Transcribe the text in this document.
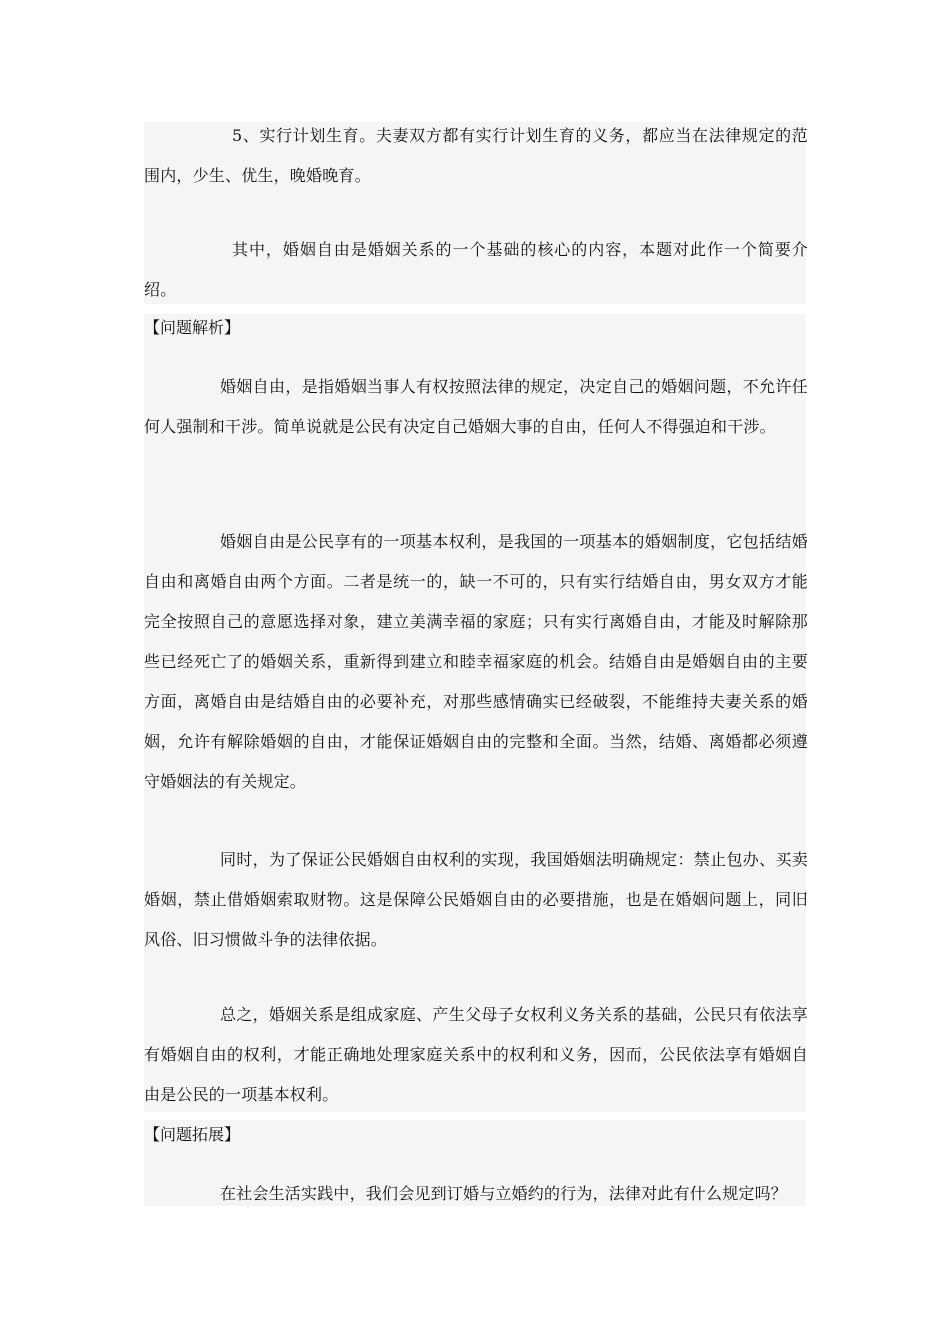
5、实行计划生育。夫妻双方都有实行计划生育的义务，都应当在法律规定的范围内，少生、优生，晚婚晚育。

其中，婚姻自由是婚姻关系的一个基础的核心的内容，本题对此作一个简要介绍。

【问题解析】

婚姻自由，是指婚姻当事人有权按照法律的规定，决定自己的婚姻问题，不允许任何人强制和干涉。简单说就是公民有决定自己婚姻大事的自由，任何人不得强迫和干涉。

婚姻自由是公民享有的一项基本权利，是我国的一项基本的婚姻制度，它包括结婚自由和离婚自由两个方面。二者是统一的，缺一不可的，只有实行结婚自由，男女双方才能完全按照自己的意愿选择对象，建立美满幸福的家庭；只有实行离婚自由，才能及时解除那些已经死亡了的婚姻关系，重新得到建立和睦幸福家庭的机会。结婚自由是婚姻自由的主要方面，离婚自由是结婚自由的必要补充，对那些感情确实已经破裂，不能维持夫妻关系的婚姻，允许有解除婚姻的自由，才能保证婚姻自由的完整和全面。当然，结婚、离婚都必须遵守婚姻法的有关规定。

同时，为了保证公民婚姻自由权利的实现，我国婚姻法明确规定：禁止包办、买卖婚姻，禁止借婚姻索取财物。这是保障公民婚姻自由的必要措施，也是在婚姻问题上，同旧风俗、旧习惯做斗争的法律依据。

总之，婚姻关系是组成家庭、产生父母子女权利义务关系的基础，公民只有依法享有婚姻自由的权利，才能正确地处理家庭关系中的权利和义务，因而，公民依法享有婚姻自由是公民的一项基本权利。

【问题拓展】

在社会生活实践中，我们会见到订婚与立婚约的行为，法律对此有什么规定吗？
